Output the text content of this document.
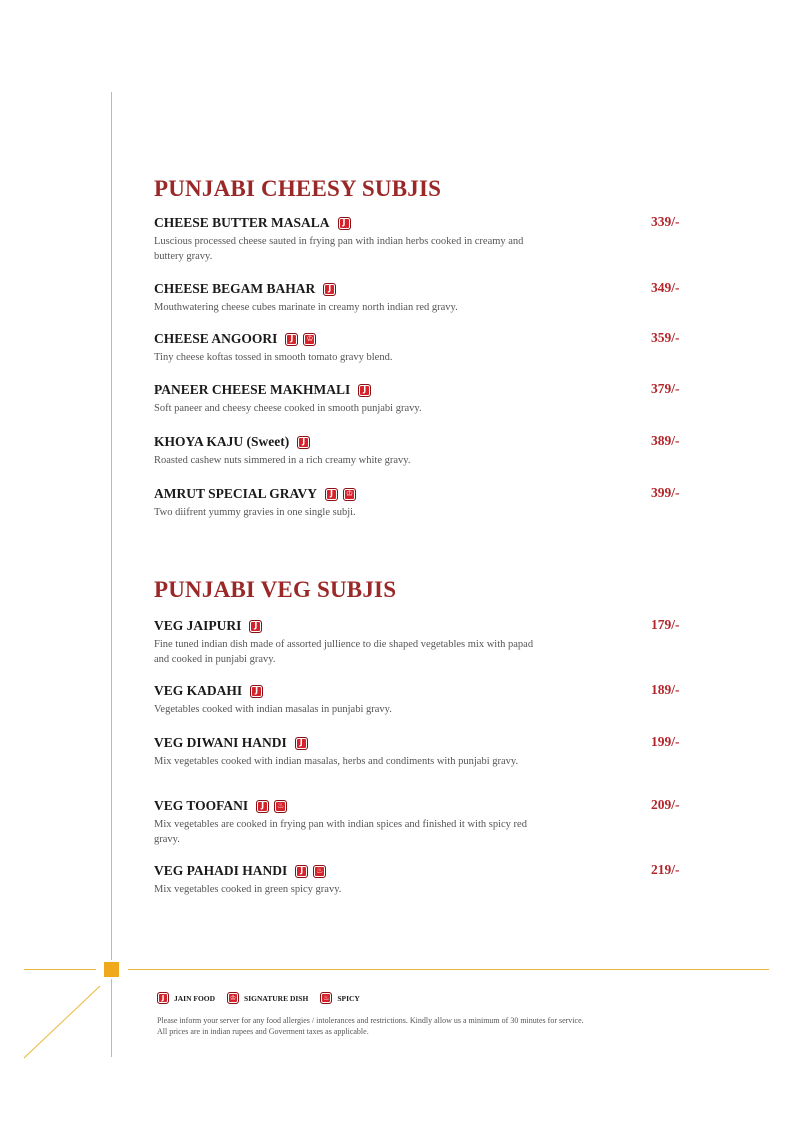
PUNJABI CHEESY SUBJIS
CHEESE BUTTER MASALA	J	339/-
Luscious processed cheese sauted in frying pan with indian herbs cooked in creamy and buttery gravy.
CHEESE BEGAM BAHAR	J	349/-
Mouthwatering cheese cubes marinate in creamy north indian red gravy.
CHEESE ANGOORI	J	♔	359/-
Tiny cheese koftas tossed in smooth tomato gravy blend.
PANEER CHEESE MAKHMALI	J	379/-
Soft paneer and cheesy cheese cooked in smooth punjabi gravy.
KHOYA KAJU (Sweet)	J	389/-
Roasted cashew nuts simmered in a rich creamy white gravy.
AMRUT SPECIAL GRAVY	J	♔	399/-
Two diifrent yummy gravies in one single subji.
PUNJABI VEG SUBJIS
VEG JAIPURI	J	179/-
Fine tuned indian dish made of assorted jullience to die shaped vegetables mix with papad and cooked in punjabi gravy.
VEG KADAHI	J	189/-
Vegetables cooked with indian masalas in punjabi gravy.
VEG DIWANI HANDI	J	199/-
Mix vegetables cooked with indian masalas, herbs and condiments with punjabi gravy.
VEG TOOFANI	J	♨	209/-
Mix vegetables are cooked in frying pan with indian spices and finished it with spicy red gravy.
VEG PAHADI HANDI	J	♨	219/-
Mix vegetables cooked in green spicy gravy.
J	JAIN FOOD	♔	SIGNATURE DISH	♨	SPICY
Please inform your server for any food allergies / intolerances and restrictions. Kindly allow us a minimum of 30 minutes for service.
All prices are in indian rupees and Goverment taxes as applicable.
